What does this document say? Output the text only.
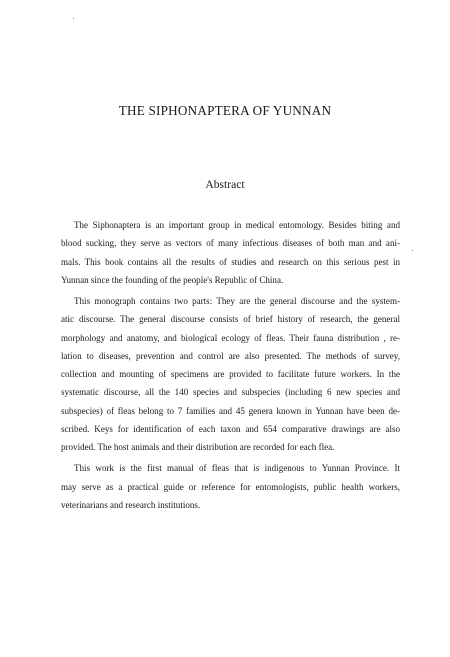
THE SIPHONAPTERA OF YUNNAN
Abstract
The Siphonaptera is an important group in medical entomology. Besides biting and
blood sucking, they serve as vectors of many infectious diseases of both man and ani-
mals. This book contains all the results of studies and research on this serious pest in
Yunnan since the founding of the people's Republic of China.
This monograph contains two parts: They are the general discourse and the system-
atic discourse. The general discourse consists of brief history of research, the general
morphology and anatomy, and biological ecology of fleas. Their fauna distribution , re-
lation to diseases, prevention and control are also presented. The methods of survey,
collection and mounting of specimens are provided to facilitate future workers. In the
systematic discourse, all the 140 species and subspecies (including 6 new species and
subspecies) of fleas belong to 7 families and 45 genera known in Yunnan have been de-
scribed. Keys for identification of each taxon and 654 comparative drawings are also
provided. The host animals and their distribution are recorded for each flea.
This work is the first manual of fleas that is indigenous to Yunnan Province. It
may serve as a practical guide or reference for entomologists, public health workers,
veterinarians and research institutions.
